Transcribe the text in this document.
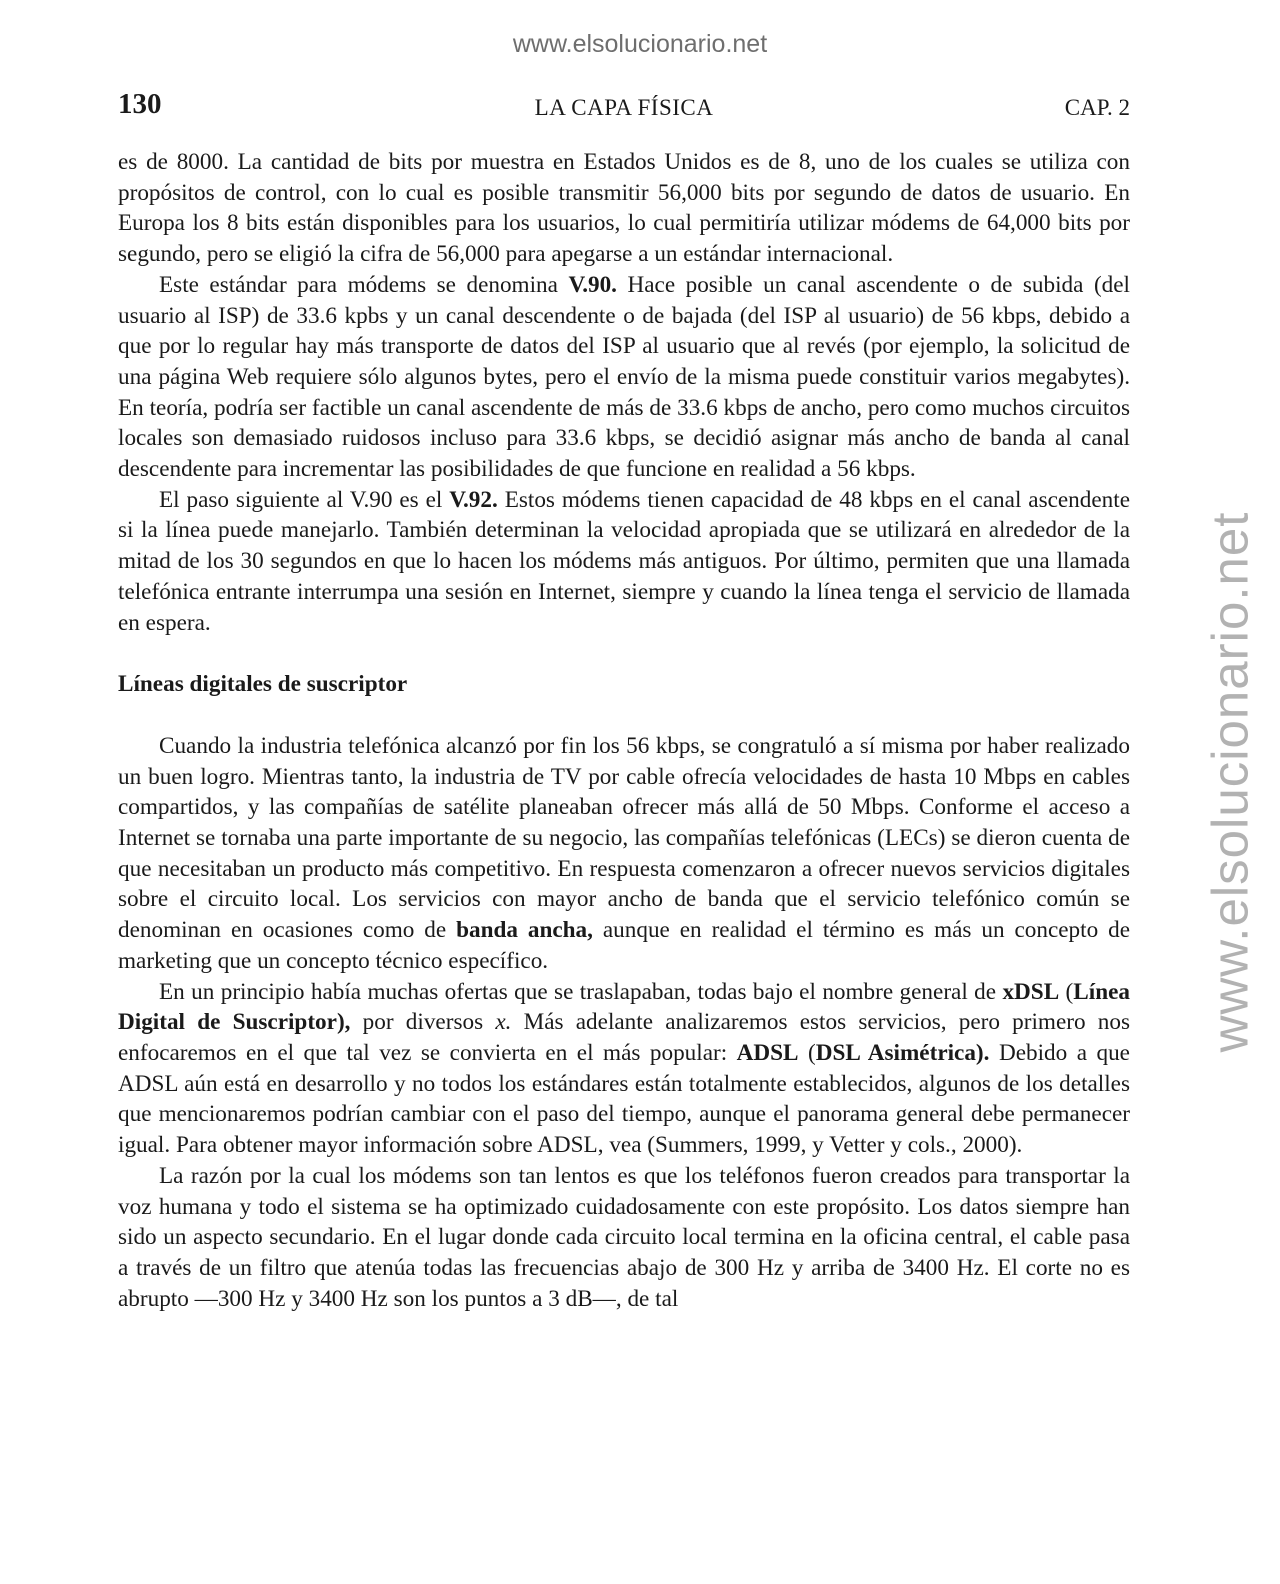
www.elsolucionario.net
www.elsolucionario.net
130	LA CAPA FÍSICA	CAP. 2

es de 8000. La cantidad de bits por muestra en Estados Unidos es de 8, uno de los cuales se utiliza con propósitos de control, con lo cual es posible transmitir 56,000 bits por segundo de datos de usuario. En Europa los 8 bits están disponibles para los usuarios, lo cual permitiría utilizar módems de 64,000 bits por segundo, pero se eligió la cifra de 56,000 para apegarse a un estándar internacional.

Este estándar para módems se denomina V.90. Hace posible un canal ascendente o de subida (del usuario al ISP) de 33.6 kpbs y un canal descendente o de bajada (del ISP al usuario) de 56 kbps, debido a que por lo regular hay más transporte de datos del ISP al usuario que al revés (por ejemplo, la solicitud de una página Web requiere sólo algunos bytes, pero el envío de la misma puede constituir varios megabytes). En teoría, podría ser factible un canal ascendente de más de 33.6 kbps de ancho, pero como muchos circuitos locales son demasiado ruidosos incluso para 33.6 kbps, se decidió asignar más ancho de banda al canal descendente para incrementar las posibilidades de que funcione en realidad a 56 kbps.

El paso siguiente al V.90 es el V.92. Estos módems tienen capacidad de 48 kbps en el canal ascendente si la línea puede manejarlo. También determinan la velocidad apropiada que se utilizará en alrededor de la mitad de los 30 segundos en que lo hacen los módems más antiguos. Por último, permiten que una llamada telefónica entrante interrumpa una sesión en Internet, siempre y cuando la línea tenga el servicio de llamada en espera.

Líneas digitales de suscriptor

Cuando la industria telefónica alcanzó por fin los 56 kbps, se congratuló a sí misma por haber realizado un buen logro. Mientras tanto, la industria de TV por cable ofrecía velocidades de hasta 10 Mbps en cables compartidos, y las compañías de satélite planeaban ofrecer más allá de 50 Mbps. Conforme el acceso a Internet se tornaba una parte importante de su negocio, las compañías telefónicas (LECs) se dieron cuenta de que necesitaban un producto más competitivo. En respuesta comenzaron a ofrecer nuevos servicios digitales sobre el circuito local. Los servicios con mayor ancho de banda que el servicio telefónico común se denominan en ocasiones como de banda ancha, aunque en realidad el término es más un concepto de marketing que un concepto técnico específico.

En un principio había muchas ofertas que se traslapaban, todas bajo el nombre general de xDSL (Línea Digital de Suscriptor), por diversos x. Más adelante analizaremos estos servicios, pero primero nos enfocaremos en el que tal vez se convierta en el más popular: ADSL (DSL Asimétrica). Debido a que ADSL aún está en desarrollo y no todos los estándares están totalmente establecidos, algunos de los detalles que mencionaremos podrían cambiar con el paso del tiempo, aunque el panorama general debe permanecer igual. Para obtener mayor información sobre ADSL, vea (Summers, 1999, y Vetter y cols., 2000).

La razón por la cual los módems son tan lentos es que los teléfonos fueron creados para transportar la voz humana y todo el sistema se ha optimizado cuidadosamente con este propósito. Los datos siempre han sido un aspecto secundario. En el lugar donde cada circuito local termina en la oficina central, el cable pasa a través de un filtro que atenúa todas las frecuencias abajo de 300 Hz y arriba de 3400 Hz. El corte no es abrupto —300 Hz y 3400 Hz son los puntos a 3 dB—, de tal
